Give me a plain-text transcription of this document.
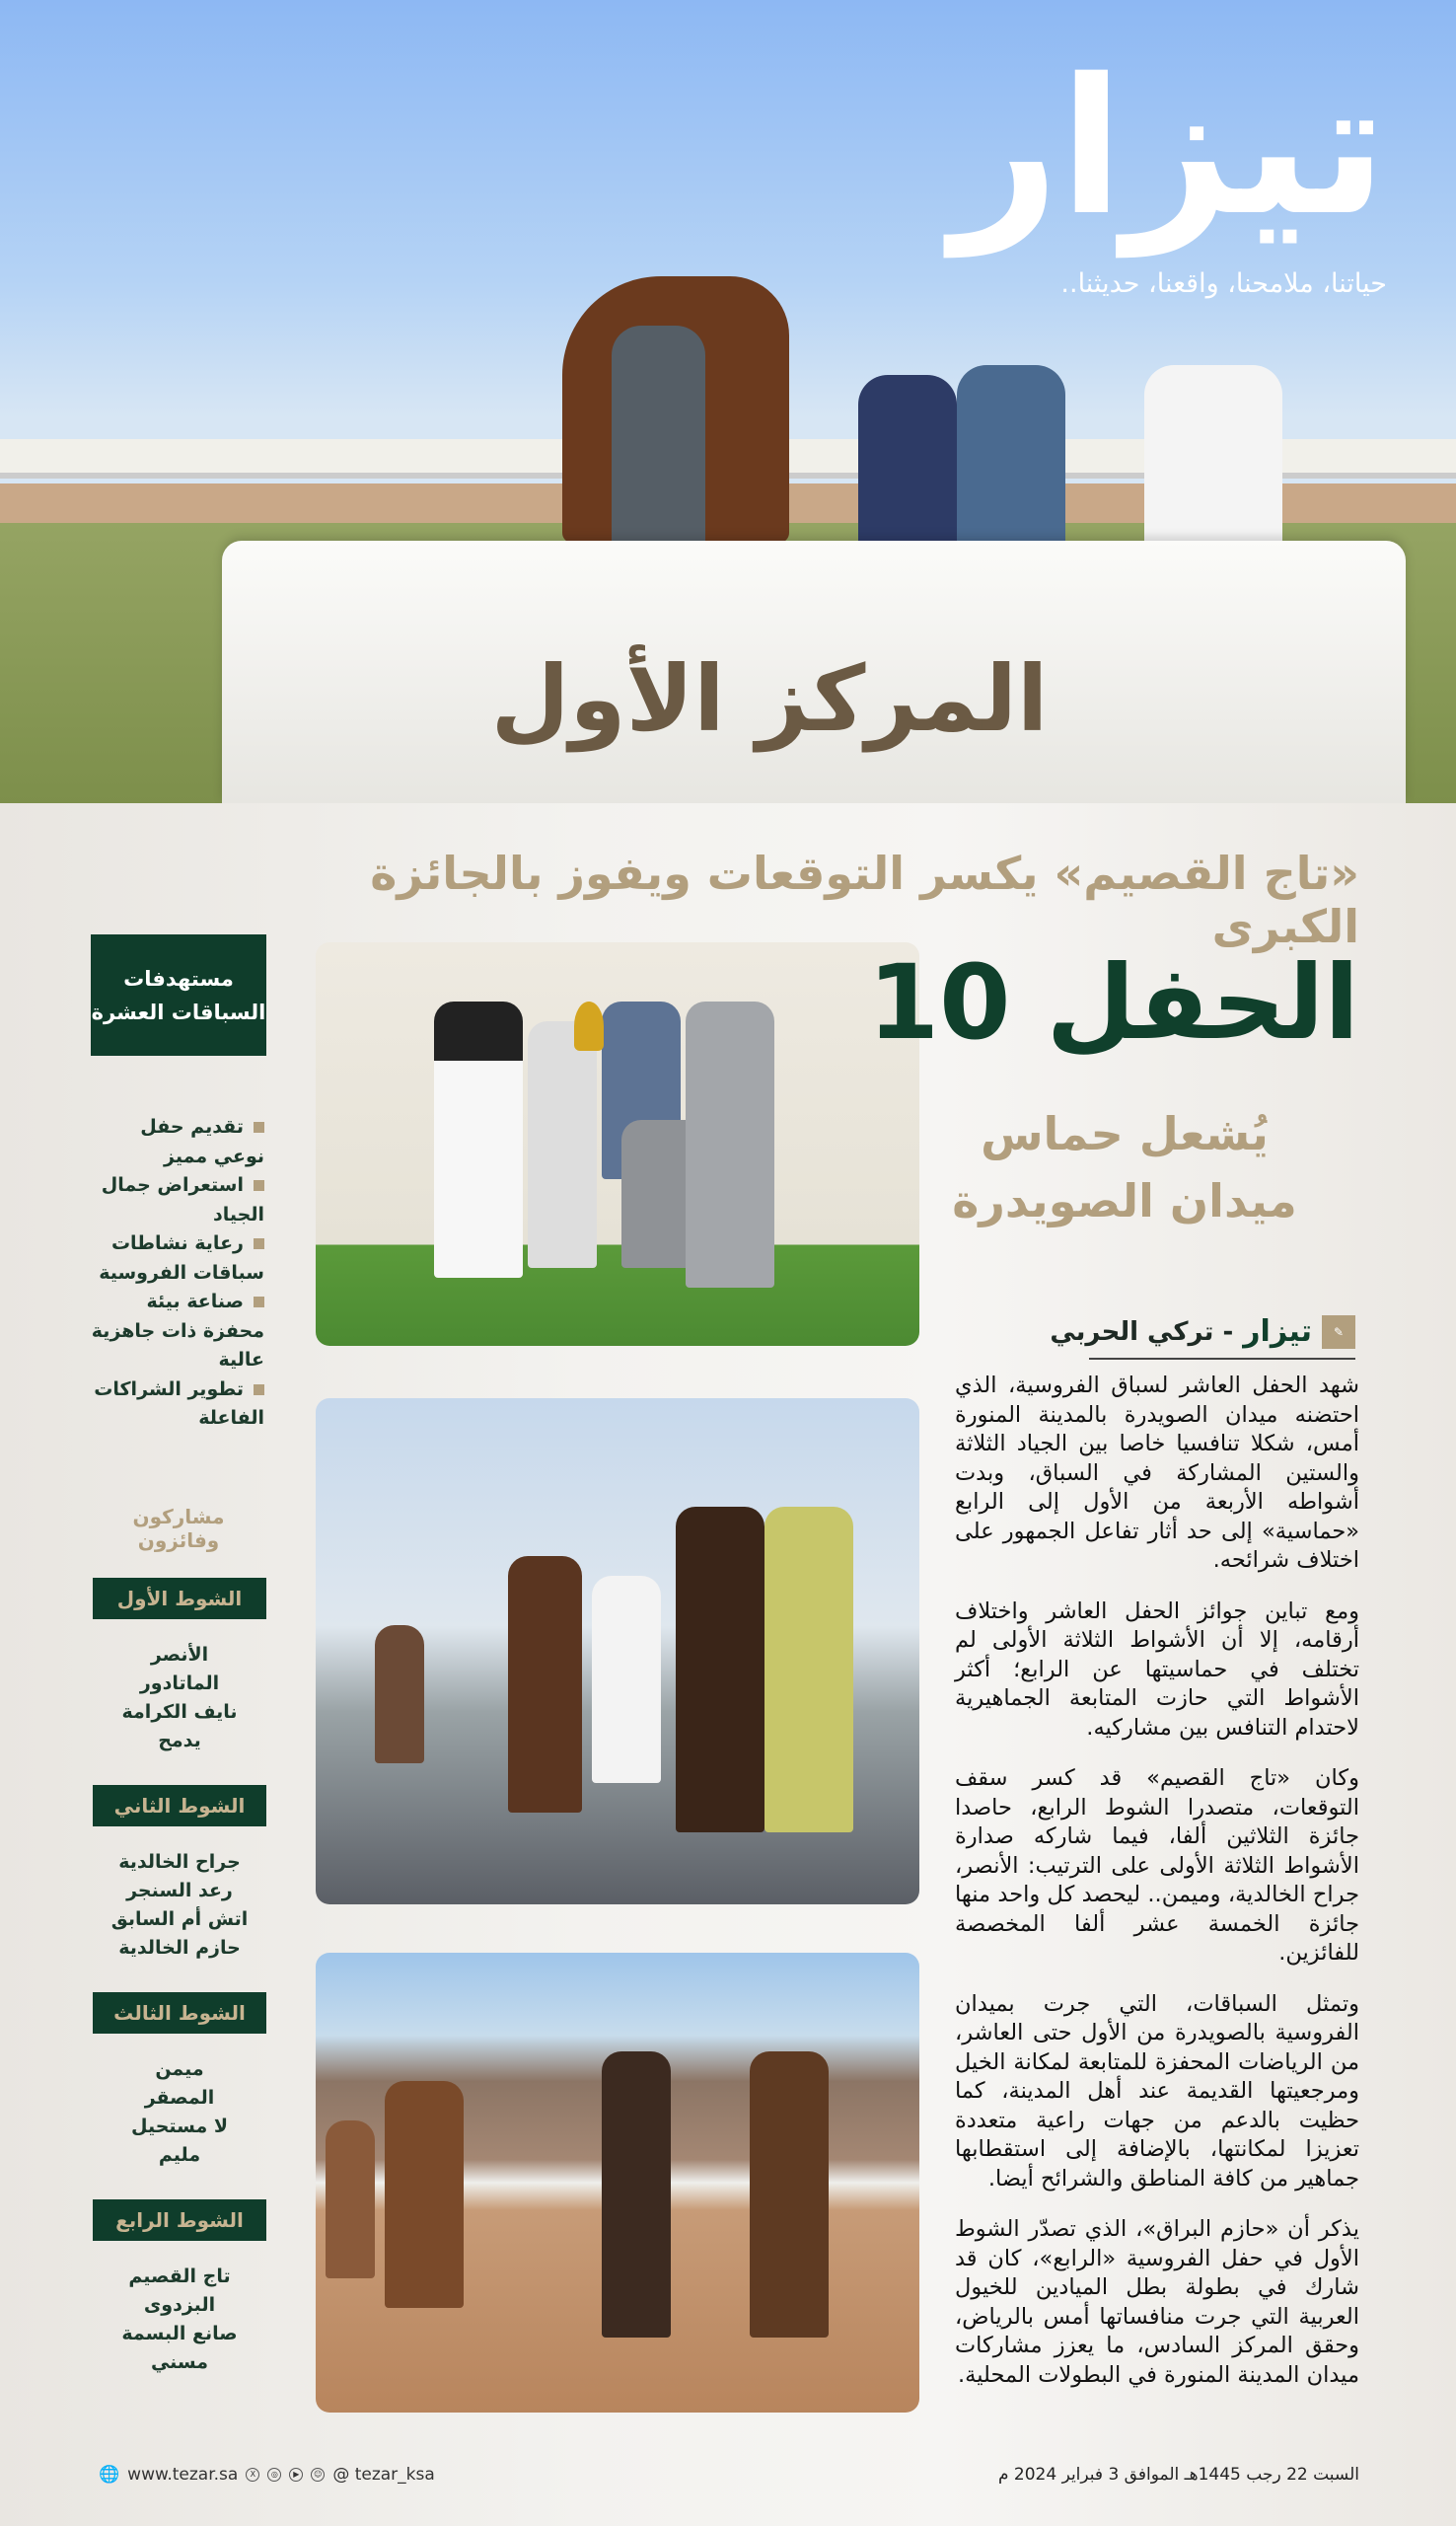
المركز الأول
تيزار
حياتنا، ملامحنا، واقعنا، حديثنا..
«تاج القصيم» يكسر التوقعات ويفوز بالجائزة الكبرى
الحفل 10
يُشعل حماس
ميدان الصويدرة
✎
تيزار
- تركي الحربي

شهد الحفل العاشر لسباق الفروسية، الذي احتضنه ميدان الصويدرة بالمدينة المنورة أمس، شكلا تنافسيا خاصا بين الجياد الثلاثة والستين المشاركة في السباق، وبدت أشواطه الأربعة من الأول إلى الرابع «حماسية» إلى حد أثار تفاعل الجمهور على اختلاف شرائحه.

ومع تباين جوائز الحفل العاشر واختلاف أرقامه، إلا أن الأشواط الثلاثة الأولى لم تختلف في حماسيتها عن الرابع؛ أكثر الأشواط التي حازت المتابعة الجماهيرية لاحتدام التنافس بين مشاركيه.

وكان «تاج القصيم» قد كسر سقف التوقعات، متصدرا الشوط الرابع، حاصدا جائزة الثلاثين ألفا، فيما شاركه صدارة الأشواط الثلاثة الأولى على الترتيب: الأنصر، جراح الخالدية، وميمن.. ليحصد كل واحد منها جائزة الخمسة عشر ألفا المخصصة للفائزين.

وتمثل السباقات، التي جرت بميدان الفروسية بالصويدرة من الأول حتى العاشر، من الرياضات المحفزة للمتابعة لمكانة الخيل ومرجعيتها القديمة عند أهل المدينة، كما حظيت بالدعم من جهات راعية متعددة تعزيزا لمكانتها، بالإضافة إلى استقطابها جماهير من كافة المناطق والشرائح أيضا.

يذكر أن «حازم البراق»، الذي تصدّر الشوط الأول في حفل الفروسية «الرابع»، كان قد شارك في بطولة بطل الميادين للخيول العربية التي جرت منافساتها أمس بالرياض، وحقق المركز السادس، ما يعزز مشاركات ميدان المدينة المنورة في البطولات المحلية.

مستهدفات
السباقات العشرة
تقديم حفل نوعي مميز
استعراض جمال الجياد
رعاية نشاطات سباقات الفروسية
صناعة بيئة محفزة ذات جاهزية عالية
تطوير الشراكات الفاعلة
مشاركون وفائزون
الشوط الأول
الأنصر
الماتادور
نايف الكرامة
يدمح
الشوط الثاني
جراح الخالدية
رعد السنجر
اتش أم السابق
حازم الخالدية
الشوط الثالث
ميمن
المصقر
لا مستحيل
مليم
الشوط الرابع
تاج القصيم
البزدوى
صانع البسمة
مسني
🌐 www.tezar.sa	X	◎	▶	☺ @ tezar_ksa	السبت 22 رجب 1445هـ الموافق 3 فبراير 2024 م
